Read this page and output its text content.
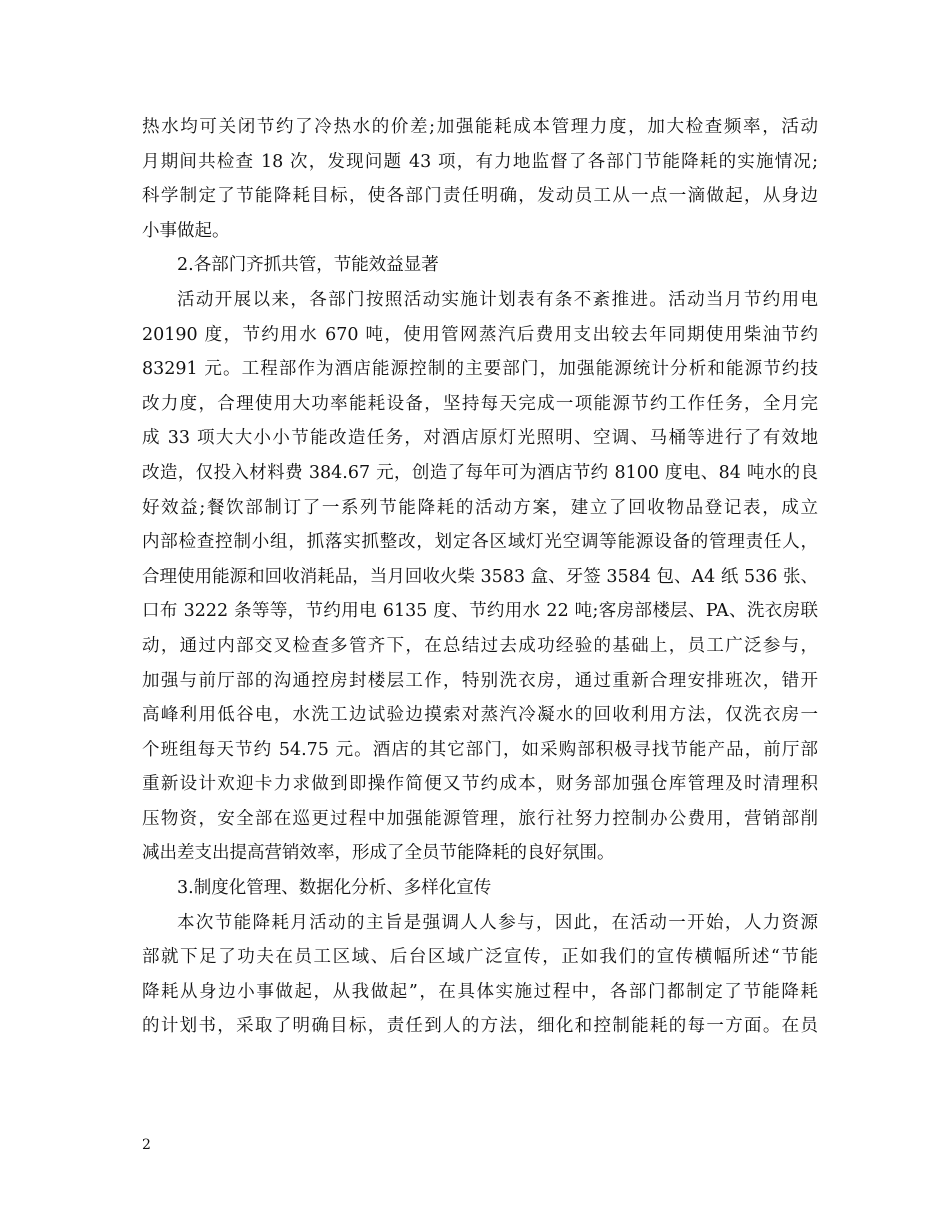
热水均可关闭节约了冷热水的价差;加强能耗成本管理力度，加大检查频率，活动
月期间共检查 18 次，发现问题 43 项，有力地监督了各部门节能降耗的实施情况;
科学制定了节能降耗目标，使各部门责任明确，发动员工从一点一滴做起，从身边
小事做起。
2.各部门齐抓共管，节能效益显著
活动开展以来，各部门按照活动实施计划表有条不紊推进。活动当月节约用电
20190 度，节约用水 670 吨，使用管网蒸汽后费用支出较去年同期使用柴油节约
83291 元。工程部作为酒店能源控制的主要部门，加强能源统计分析和能源节约技
改力度，合理使用大功率能耗设备，坚持每天完成一项能源节约工作任务，全月完
成 33 项大大小小节能改造任务，对酒店原灯光照明、空调、马桶等进行了有效地
改造，仅投入材料费 384.67 元，创造了每年可为酒店节约 8100 度电、84 吨水的良
好效益;餐饮部制订了一系列节能降耗的活动方案，建立了回收物品登记表，成立
内部检查控制小组，抓落实抓整改，划定各区域灯光空调等能源设备的管理责任人，
合理使用能源和回收消耗品，当月回收火柴 3583 盒、牙签 3584 包、A4 纸 536 张、
口布 3222 条等等，节约用电 6135 度、节约用水 22 吨;客房部楼层、PA、洗衣房联
动，通过内部交叉检查多管齐下，在总结过去成功经验的基础上，员工广泛参与，
加强与前厅部的沟通控房封楼层工作，特别洗衣房，通过重新合理安排班次，错开
高峰利用低谷电，水洗工边试验边摸索对蒸汽冷凝水的回收利用方法，仅洗衣房一
个班组每天节约 54.75 元。酒店的其它部门，如采购部积极寻找节能产品，前厅部
重新设计欢迎卡力求做到即操作简便又节约成本，财务部加强仓库管理及时清理积
压物资，安全部在巡更过程中加强能源管理，旅行社努力控制办公费用，营销部削
减出差支出提高营销效率，形成了全员节能降耗的良好氛围。
3.制度化管理、数据化分析、多样化宣传
本次节能降耗月活动的主旨是强调人人参与，因此，在活动一开始，人力资源
部就下足了功夫在员工区域、后台区域广泛宣传，正如我们的宣传横幅所述“节能
降耗从身边小事做起，从我做起”，在具体实施过程中，各部门都制定了节能降耗
的计划书，采取了明确目标，责任到人的方法，细化和控制能耗的每一方面。在员
2
